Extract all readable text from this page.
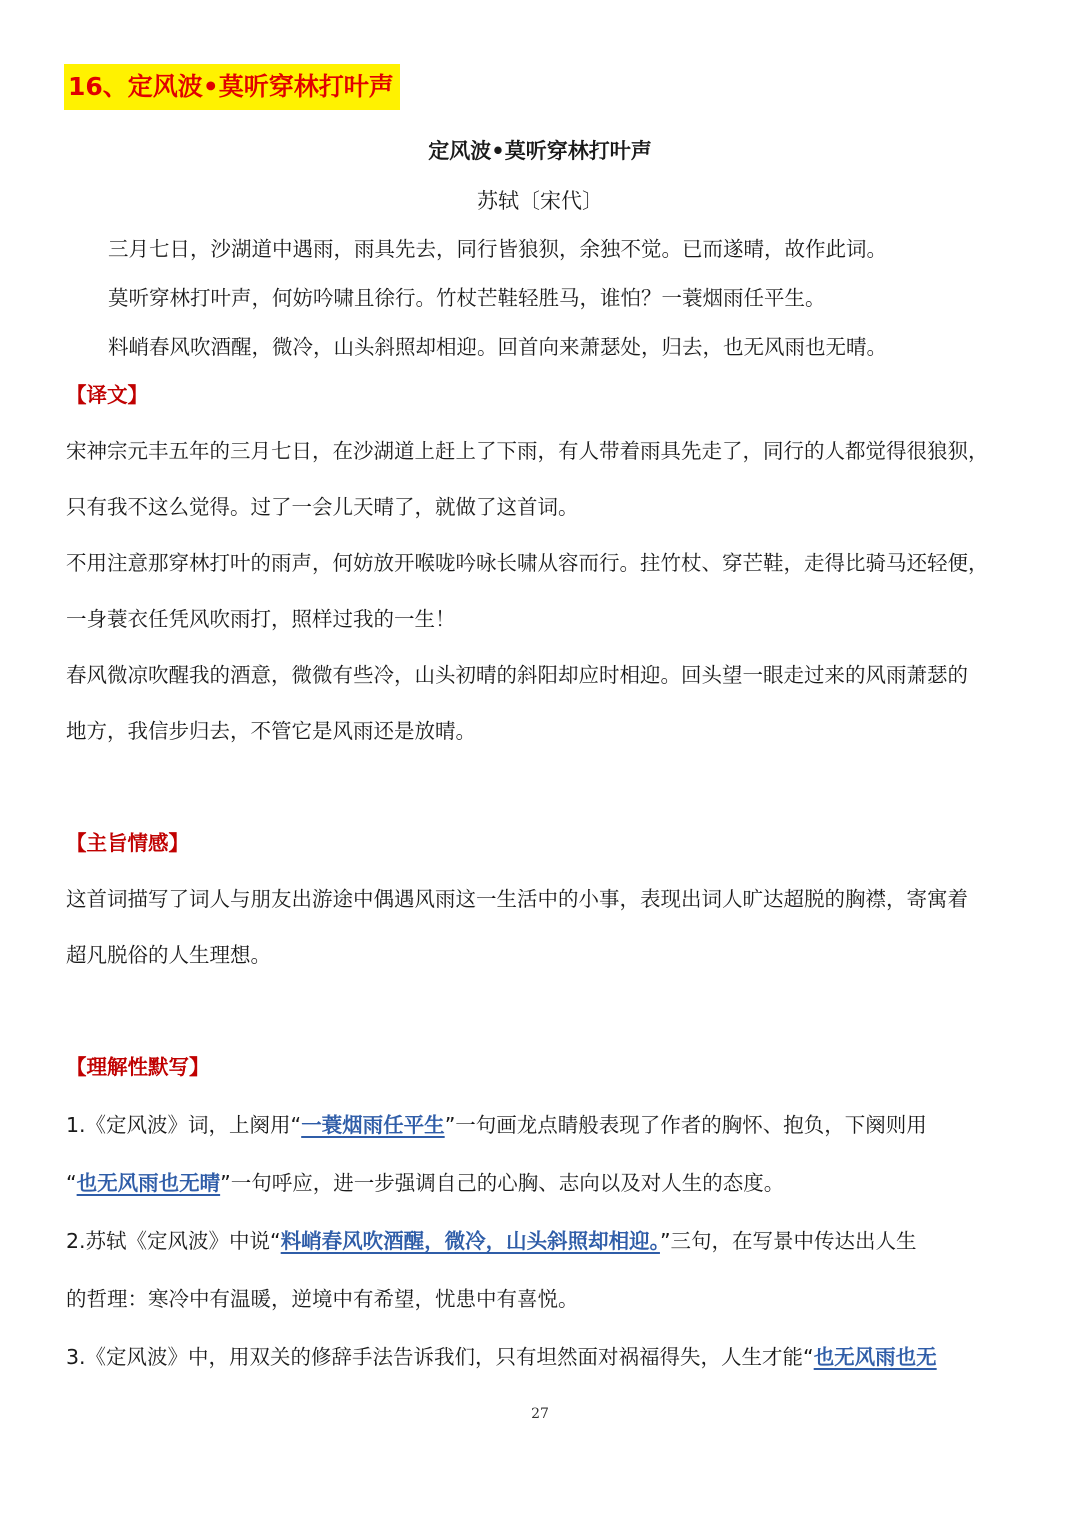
16、定风波•莫听穿林打叶声
定风波•莫听穿林打叶声
苏轼〔宋代〕
三月七日，沙湖道中遇雨，雨具先去，同行皆狼狈，余独不觉。已而遂晴，故作此词。
莫听穿林打叶声，何妨吟啸且徐行。竹杖芒鞋轻胜马，谁怕？一蓑烟雨任平生。
料峭春风吹酒醒，微冷，山头斜照却相迎。回首向来萧瑟处，归去，也无风雨也无晴。
【译文】
宋神宗元丰五年的三月七日，在沙湖道上赶上了下雨，有人带着雨具先走了，同行的人都觉得很狼狈，
只有我不这么觉得。过了一会儿天晴了，就做了这首词。
不用注意那穿林打叶的雨声，何妨放开喉咙吟咏长啸从容而行。拄竹杖、穿芒鞋，走得比骑马还轻便，
一身蓑衣任凭风吹雨打，照样过我的一生！
春风微凉吹醒我的酒意，微微有些冷，山头初晴的斜阳却应时相迎。回头望一眼走过来的风雨萧瑟的
地方，我信步归去，不管它是风雨还是放晴。
【主旨情感】
这首词描写了词人与朋友出游途中偶遇风雨这一生活中的小事，表现出词人旷达超脱的胸襟，寄寓着
超凡脱俗的人生理想。
【理解性默写】
1.《定风波》词，上阕用“一蓑烟雨任平生”一句画龙点睛般表现了作者的胸怀、抱负，下阕则用
“也无风雨也无晴”一句呼应，进一步强调自己的心胸、志向以及对人生的态度。
2.苏轼《定风波》中说“料峭春风吹酒醒，微冷，山头斜照却相迎。”三句，在写景中传达出人生
的哲理：寒冷中有温暖，逆境中有希望，忧患中有喜悦。
3.《定风波》中，用双关的修辞手法告诉我们，只有坦然面对祸福得失，人生才能“也无风雨也无
27
